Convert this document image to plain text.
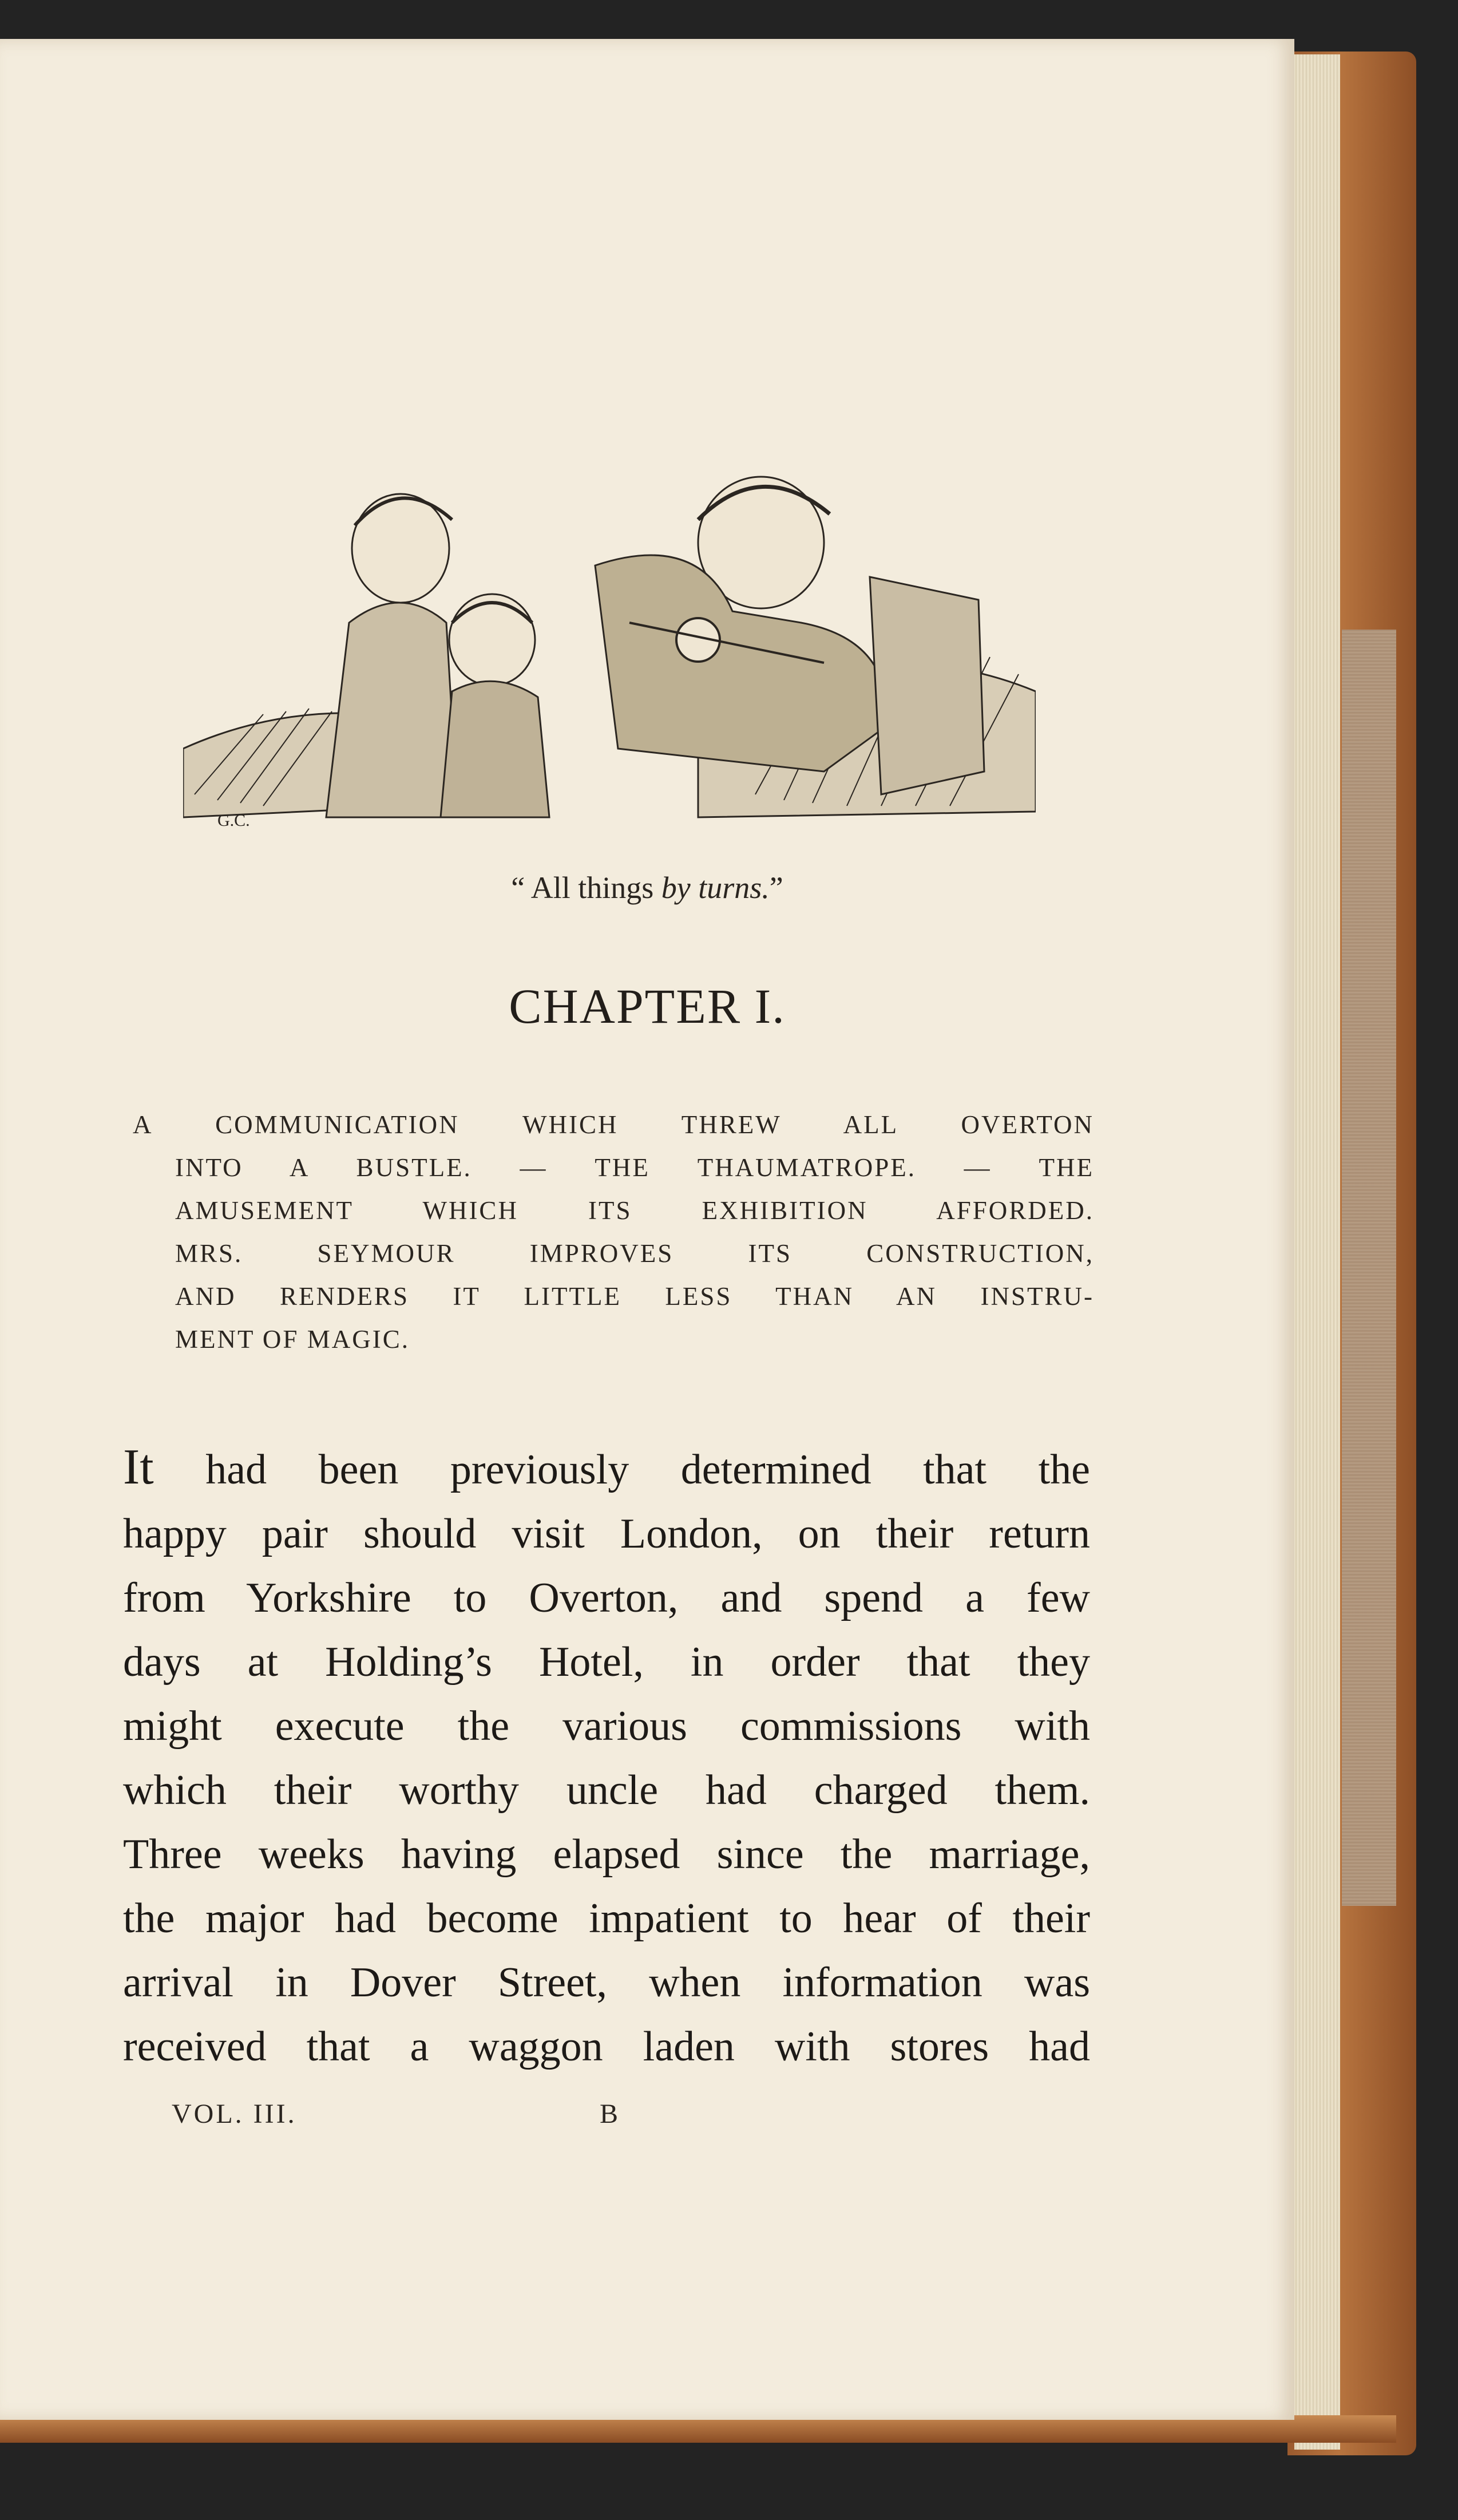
G.C.
“ All things by turns.”
CHAPTER I.
A COMMUNICATION WHICH THREW ALL OVERTON
INTO A BUSTLE. — THE THAUMATROPE. — THE
AMUSEMENT WHICH ITS EXHIBITION AFFORDED.
MRS. SEYMOUR IMPROVES ITS CONSTRUCTION,
AND RENDERS IT LITTLE LESS THAN AN INSTRU-
MENT OF MAGIC.
It had been previously determined that the
happy pair should visit London, on their return
from Yorkshire to Overton, and spend a few
days at Holding’s Hotel, in order that they
might execute the various commissions with
which their worthy uncle had charged them.
Three weeks having elapsed since the marriage,
the major had become impatient to hear of their
arrival in Dover Street, when information was
received that a waggon laden with stores had
VOL. III.	B
